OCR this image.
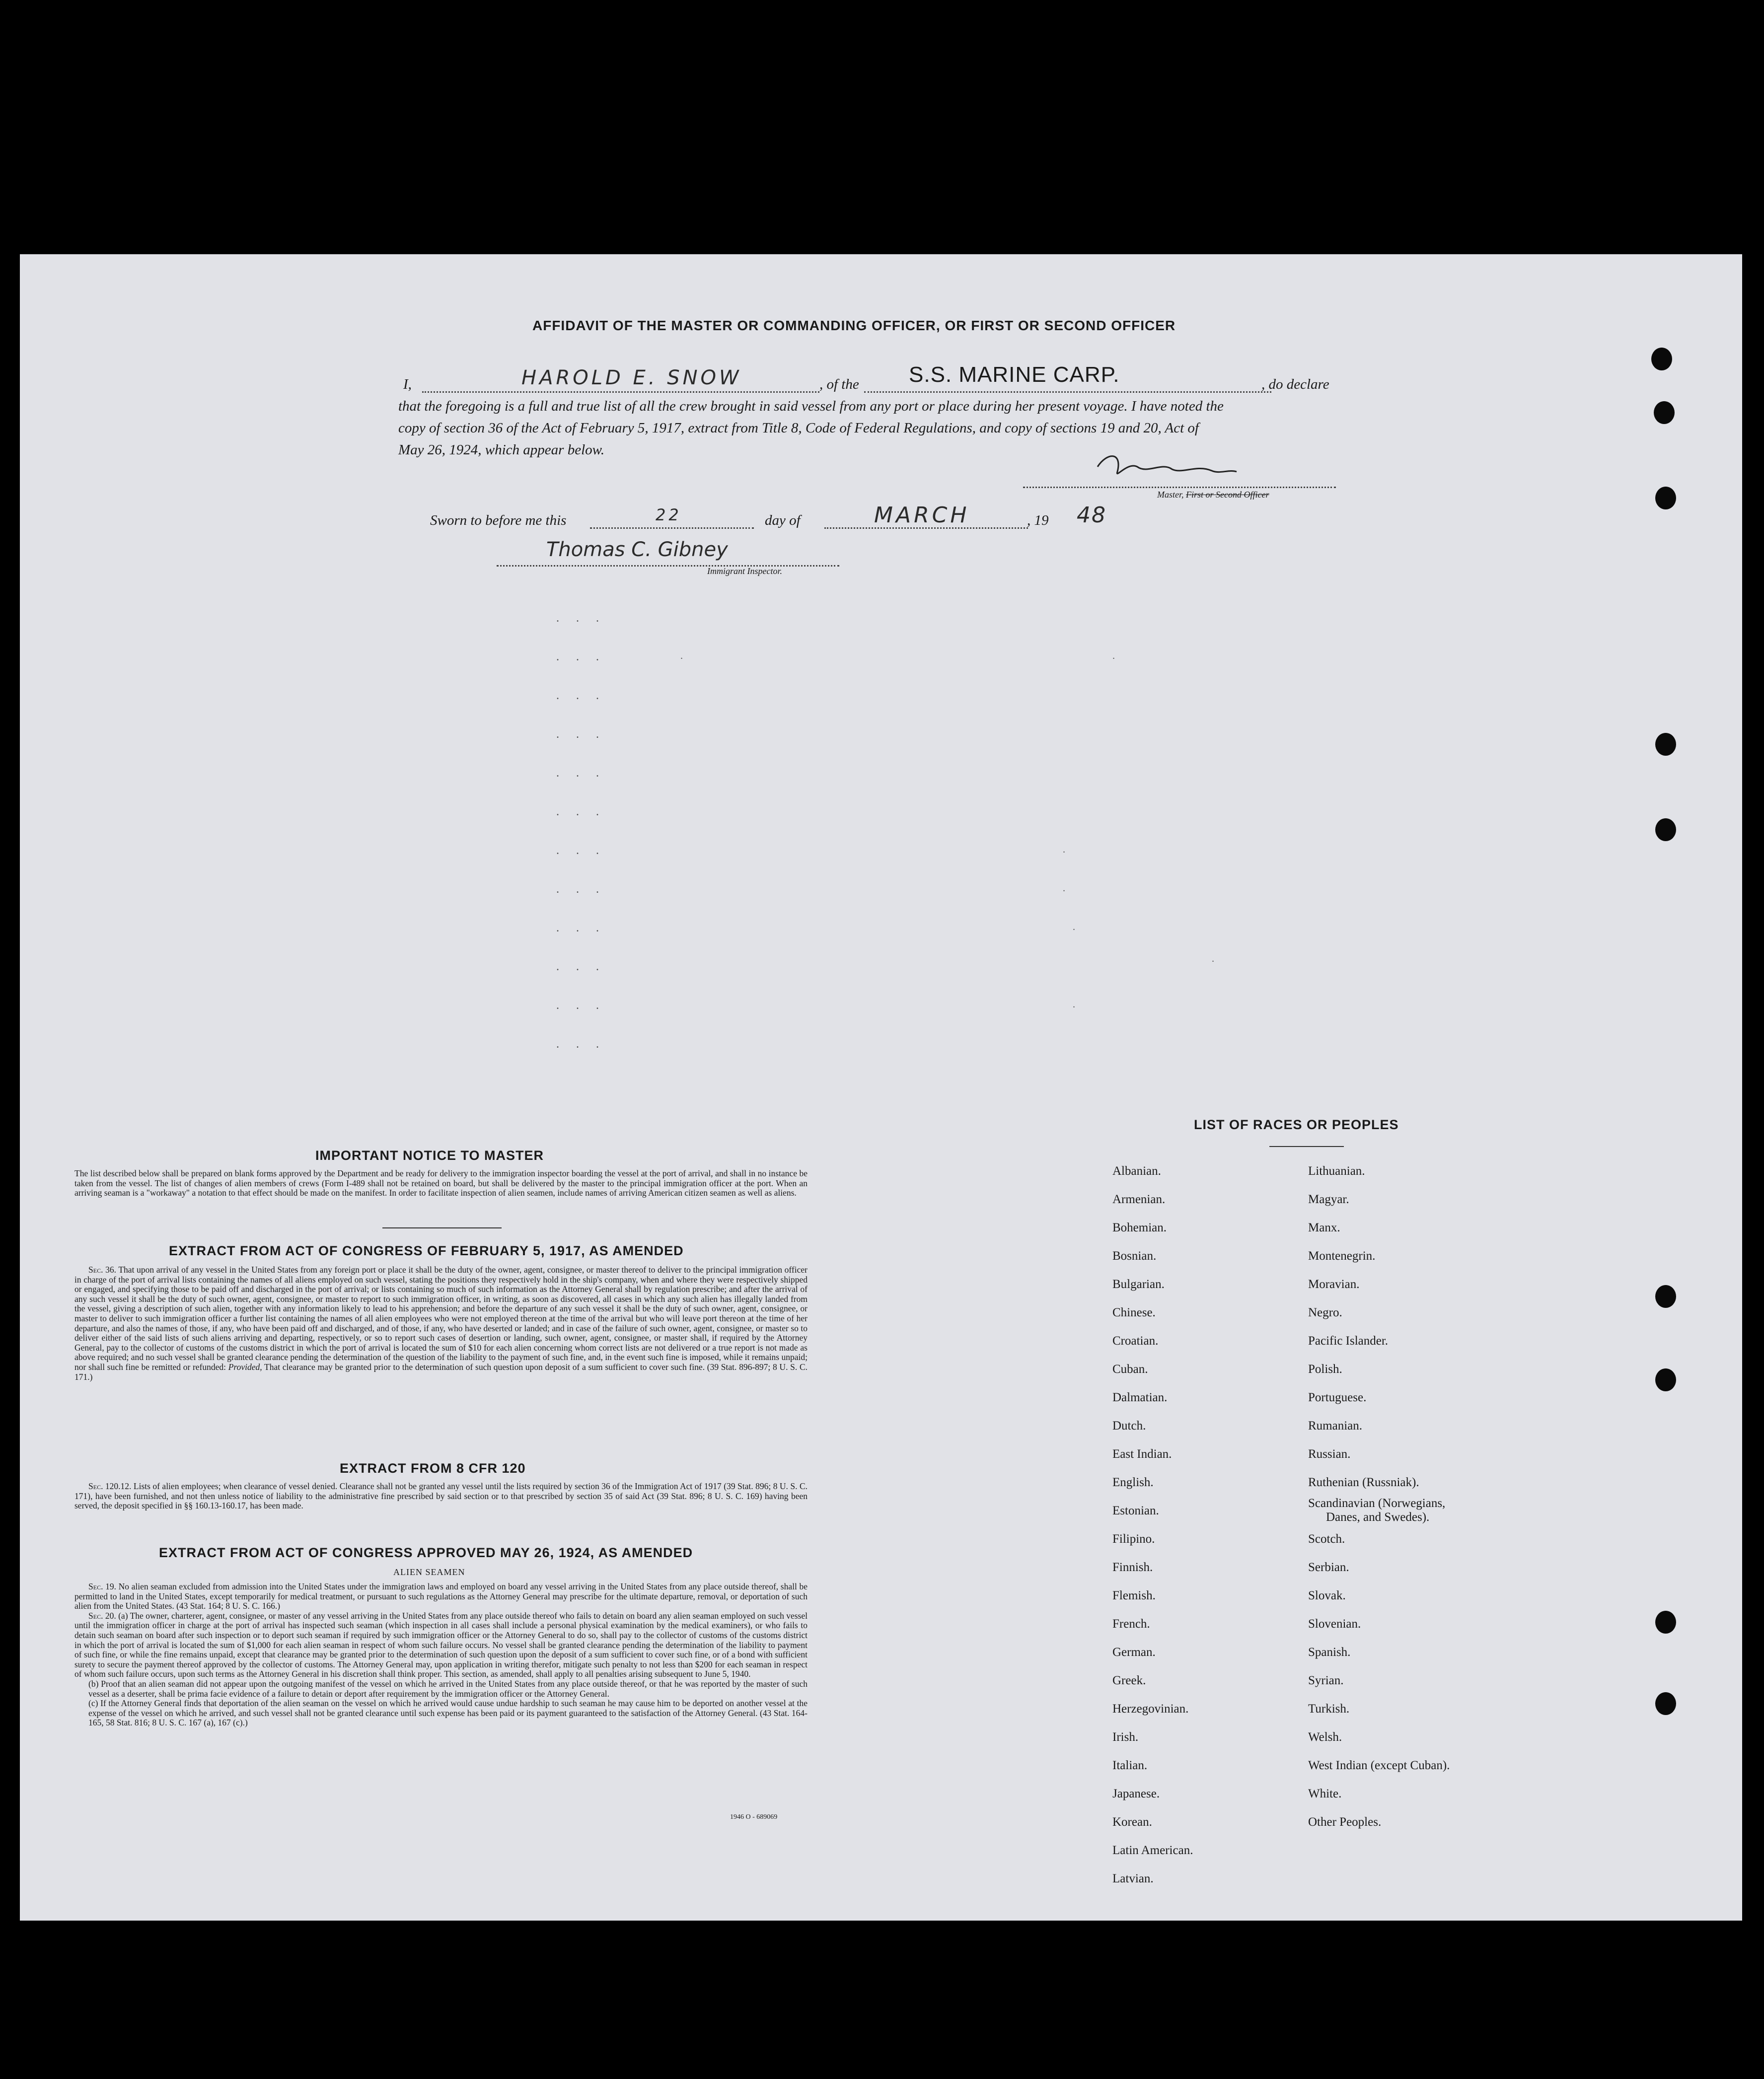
AFFIDAVIT OF THE MASTER OR COMMANDING OFFICER, OR FIRST OR SECOND OFFICER
I,	HAROLD E. SNOW	, of the S.S. MARINE CARP.	, do declare
that the foregoing is a full and true list of all the crew brought in said vessel from any port or place during her present voyage. I have noted the
copy of section 36 of the Act of February 5, 1917, extract from Title 8, Code of Federal Regulations, and copy of sections 19 and 20, Act of
May 26, 1924, which appear below.
Master, First or Second Officer
Sworn to before me this	22	day of	MARCH	, 19 48
Thomas C. Gibney
Immigrant Inspector.
. . .
. . .
. . .
. . .
. . .
. . .
. . .
. . .
. . .
. . .
. . .
. . .
.	.
.
.
.
.
.
IMPORTANT NOTICE TO MASTER
The list described below shall be prepared on blank forms approved by the Department and be ready for delivery to the immigration inspector boarding the vessel at the port of arrival, and shall in no instance be taken from the vessel. The list of changes of alien members of crews (Form I-489 shall not be retained on board, but shall be delivered by the master to the principal immigration officer at the port. When an arriving seaman is a "workaway" a notation to that effect should be made on the manifest. In order to facilitate inspection of alien seamen, include names of arriving American citizen seamen as well as aliens.
EXTRACT FROM ACT OF CONGRESS OF FEBRUARY 5, 1917, AS AMENDED
Sec. 36. That upon arrival of any vessel in the United States from any foreign port or place it shall be the duty of the owner, agent, consignee, or master thereof to deliver to the principal immigration officer in charge of the port of arrival lists containing the names of all aliens employed on such vessel, stating the positions they respectively hold in the ship's company, when and where they were respectively shipped or engaged, and specifying those to be paid off and discharged in the port of arrival; or lists containing so much of such information as the Attorney General shall by regulation prescribe; and after the arrival of any such vessel it shall be the duty of such owner, agent, consignee, or master to report to such immigration officer, in writing, as soon as discovered, all cases in which any such alien has illegally landed from the vessel, giving a description of such alien, together with any information likely to lead to his apprehension; and before the departure of any such vessel it shall be the duty of such owner, agent, consignee, or master to deliver to such immigration officer a further list containing the names of all alien employees who were not employed thereon at the time of the arrival but who will leave port thereon at the time of her departure, and also the names of those, if any, who have been paid off and discharged, and of those, if any, who have deserted or landed; and in case of the failure of such owner, agent, consignee, or master so to deliver either of the said lists of such aliens arriving and departing, respectively, or so to report such cases of desertion or landing, such owner, agent, consignee, or master shall, if required by the Attorney General, pay to the collector of customs of the customs district in which the port of arrival is located the sum of $10 for each alien concerning whom correct lists are not delivered or a true report is not made as above required; and no such vessel shall be granted clearance pending the determination of the question of the liability to the payment of such fine, and, in the event such fine is imposed, while it remains unpaid; nor shall such fine be remitted or refunded: Provided, That clearance may be granted prior to the determination of such question upon deposit of a sum sufficient to cover such fine. (39 Stat. 896-897; 8 U. S. C. 171.)
EXTRACT FROM 8 CFR 120
Sec. 120.12. Lists of alien employees; when clearance of vessel denied. Clearance shall not be granted any vessel until the lists required by section 36 of the Immigration Act of 1917 (39 Stat. 896; 8 U. S. C. 171), have been furnished, and not then unless notice of liability to the administrative fine prescribed by said section or to that prescribed by section 35 of said Act (39 Stat. 896; 8 U. S. C. 169) having been served, the deposit specified in §§ 160.13-160.17, has been made.
EXTRACT FROM ACT OF CONGRESS APPROVED MAY 26, 1924, AS AMENDED
ALIEN SEAMEN
Sec. 19. No alien seaman excluded from admission into the United States under the immigration laws and employed on board any vessel arriving in the United States from any place outside thereof, shall be permitted to land in the United States, except temporarily for medical treatment, or pursuant to such regulations as the Attorney General may prescribe for the ultimate departure, removal, or deportation of such alien from the United States. (43 Stat. 164; 8 U. S. C. 166.)
Sec. 20. (a) The owner, charterer, agent, consignee, or master of any vessel arriving in the United States from any place outside thereof who fails to detain on board any alien seaman employed on such vessel until the immigration officer in charge at the port of arrival has inspected such seaman (which inspection in all cases shall include a personal physical examination by the medical examiners), or who fails to detain such seaman on board after such inspection or to deport such seaman if required by such immigration officer or the Attorney General to do so, shall pay to the collector of customs of the customs district in which the port of arrival is located the sum of $1,000 for each alien seaman in respect of whom such failure occurs. No vessel shall be granted clearance pending the determination of the liability to payment of such fine, or while the fine remains unpaid, except that clearance may be granted prior to the determination of such question upon the deposit of a sum sufficient to cover such fine, or of a bond with sufficient surety to secure the payment thereof approved by the collector of customs. The Attorney General may, upon application in writing therefor, mitigate such penalty to not less than $200 for each seaman in respect of whom such failure occurs, upon such terms as the Attorney General in his discretion shall think proper. This section, as amended, shall apply to all penalties arising subsequent to June 5, 1940.
(b) Proof that an alien seaman did not appear upon the outgoing manifest of the vessel on which he arrived in the United States from any place outside thereof, or that he was reported by the master of such vessel as a deserter, shall be prima facie evidence of a failure to detain or deport after requirement by the immigration officer or the Attorney General.
(c) If the Attorney General finds that deportation of the alien seaman on the vessel on which he arrived would cause undue hardship to such seaman he may cause him to be deported on another vessel at the expense of the vessel on which he arrived, and such vessel shall not be granted clearance until such expense has been paid or its payment guaranteed to the satisfaction of the Attorney General. (43 Stat. 164-165, 58 Stat. 816; 8 U. S. C. 167 (a), 167 (c).)
1946 O - 689069
LIST OF RACES OR PEOPLES
Albanian.
Armenian.
Bohemian.
Bosnian.
Bulgarian.
Chinese.
Croatian.
Cuban.
Dalmatian.
Dutch.
East Indian.
English.
Estonian.
Filipino.
Finnish.
Flemish.
French.
German.
Greek.
Herzegovinian.
Irish.
Italian.
Japanese.
Korean.
Latin American.
Latvian.
Lithuanian.
Magyar.
Manx.
Montenegrin.
Moravian.
Negro.
Pacific Islander.
Polish.
Portuguese.
Rumanian.
Russian.
Ruthenian (Russniak).
Scandinavian (Norwegians,
Danes, and Swedes).
Scotch.
Serbian.
Slovak.
Slovenian.
Spanish.
Syrian.
Turkish.
Welsh.
West Indian (except Cuban).
White.
Other Peoples.
